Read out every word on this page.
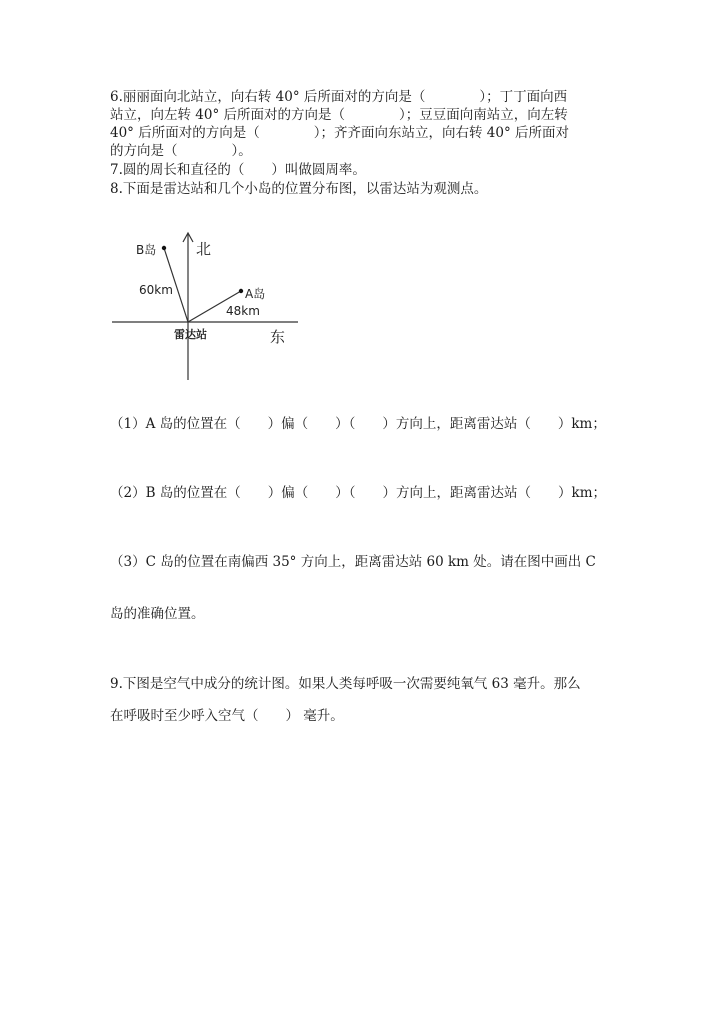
6.丽丽面向北站立，向右转 40° 后所面对的方向是（　　　　）；丁丁面向西
站立，向左转 40° 后所面对的方向是（　　　　）；豆豆面向南站立，向左转
40° 后所面对的方向是（　　　　）；齐齐面向东站立，向右转 40° 后所面对
的方向是（　　　　）。
7.圆的周长和直径的（　　）叫做圆周率。
8.下面是雷达站和几个小岛的位置分布图，以雷达站为观测点。
北
东
B岛
60km	A岛
48km
雷达站
（1）A 岛的位置在（　　）偏（　　）（　　）方向上，距离雷达站（　　）km；
（2）B 岛的位置在（　　）偏（　　）（　　）方向上，距离雷达站（　　）km；
（3）C 岛的位置在南偏西 35° 方向上，距离雷达站 60 km 处。请在图中画出 C
岛的准确位置。
9.下图是空气中成分的统计图。如果人类每呼吸一次需要纯氧气 63 毫升。那么
在呼吸时至少呼入空气（　　） 毫升。
